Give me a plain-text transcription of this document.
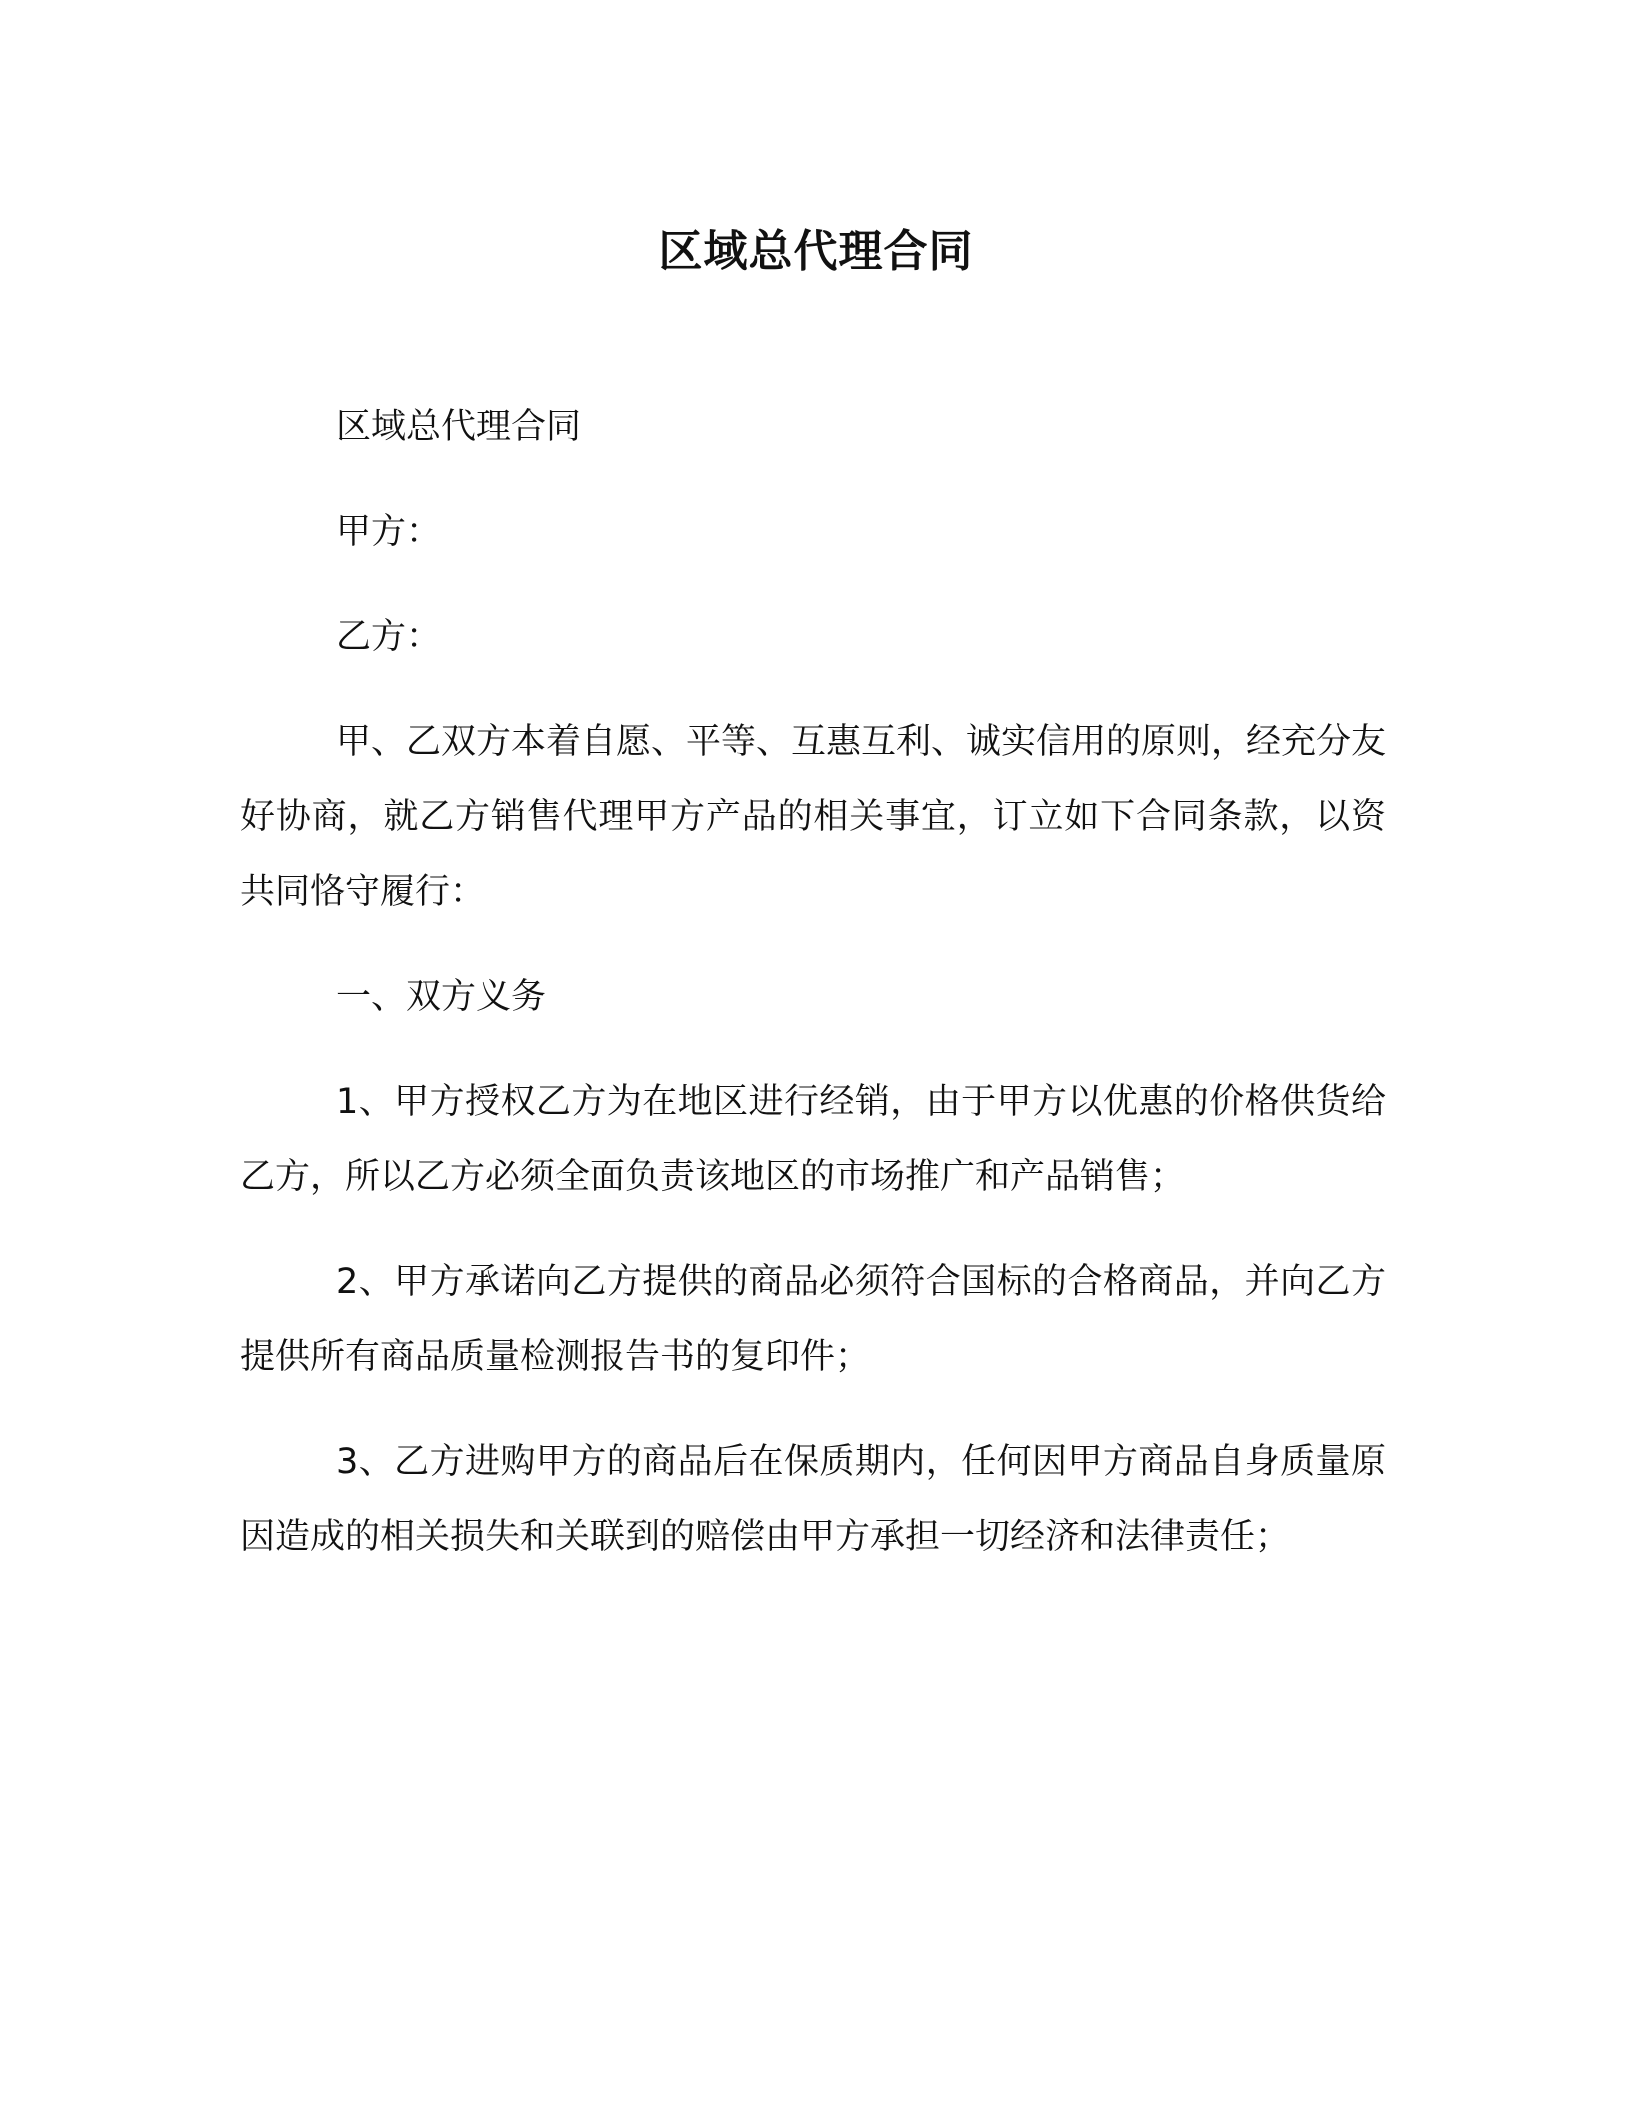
区域总代理合同

区域总代理合同

甲方：

乙方：

甲、乙双方本着自愿、平等、互惠互利、诚实信用的原则，经充分友好协商，就乙方销售代理甲方产品的相关事宜，订立如下合同条款，以资共同恪守履行：

一、双方义务

1、甲方授权乙方为在地区进行经销，由于甲方以优惠的价格供货给乙方，所以乙方必须全面负责该地区的市场推广和产品销售；

2、甲方承诺向乙方提供的商品必须符合国标的合格商品，并向乙方提供所有商品质量检测报告书的复印件；

3、乙方进购甲方的商品后在保质期内，任何因甲方商品自身质量原因造成的相关损失和关联到的赔偿由甲方承担一切经济和法律责任；
